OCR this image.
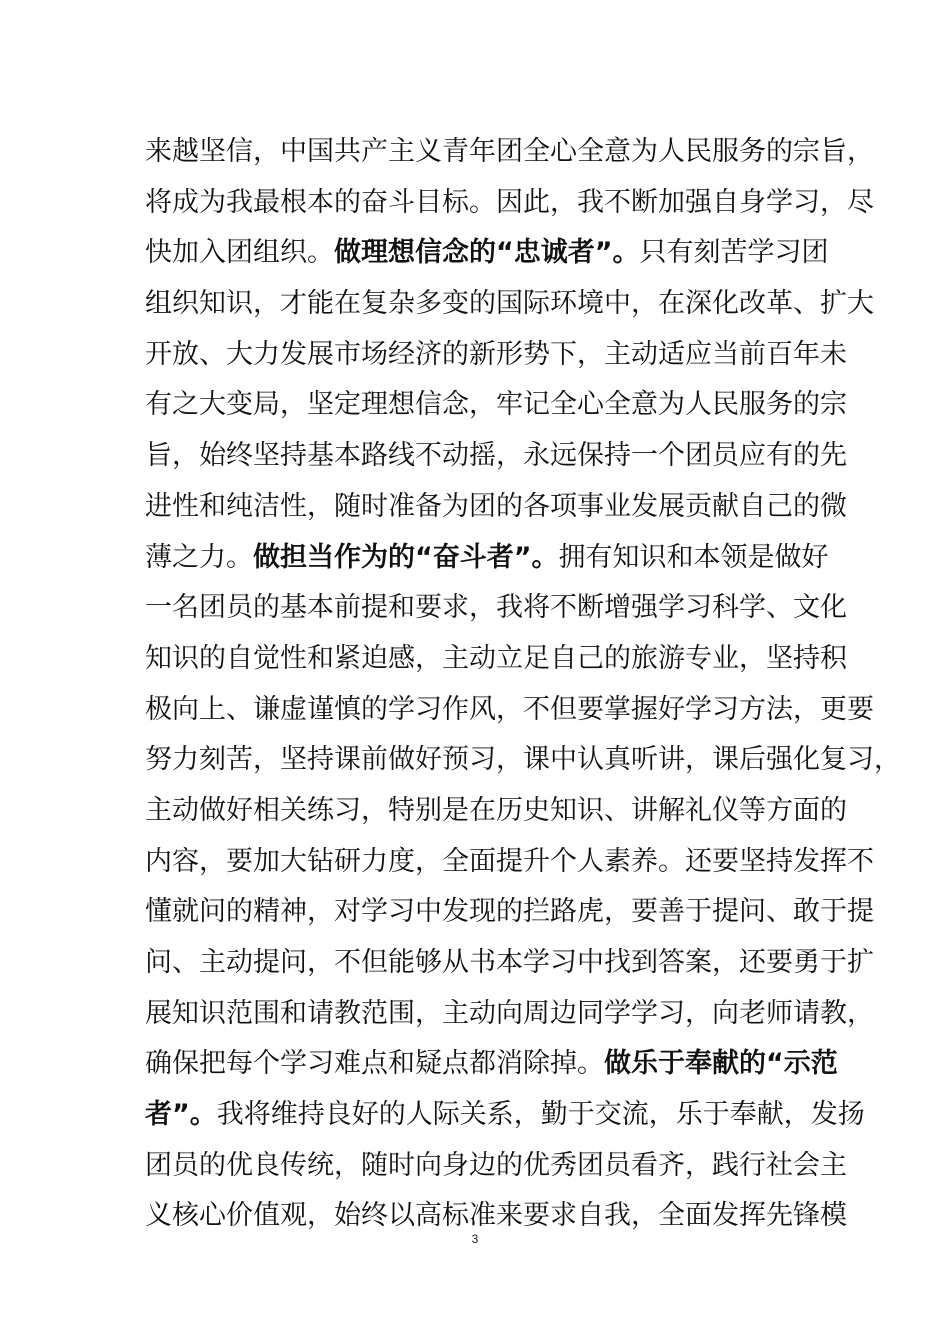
来越坚信，中国共产主义青年团全心全意为人民服务的宗旨，
将成为我最根本的奋斗目标。因此，我不断加强自身学习，尽
快加入团组织。做理想信念的“忠诚者”。只有刻苦学习团
组织知识，才能在复杂多变的国际环境中，在深化改革、扩大
开放、大力发展市场经济的新形势下，主动适应当前百年未
有之大变局，坚定理想信念，牢记全心全意为人民服务的宗
旨，始终坚持基本路线不动摇，永远保持一个团员应有的先
进性和纯洁性，随时准备为团的各项事业发展贡献自己的微
薄之力。做担当作为的“奋斗者”。拥有知识和本领是做好
一名团员的基本前提和要求，我将不断增强学习科学、文化
知识的自觉性和紧迫感，主动立足自己的旅游专业，坚持积
极向上、谦虚谨慎的学习作风，不但要掌握好学习方法，更要
努力刻苦，坚持课前做好预习，课中认真听讲，课后强化复习，
主动做好相关练习，特别是在历史知识、讲解礼仪等方面的
内容，要加大钻研力度，全面提升个人素养。还要坚持发挥不
懂就问的精神，对学习中发现的拦路虎，要善于提问、敢于提
问、主动提问，不但能够从书本学习中找到答案，还要勇于扩
展知识范围和请教范围，主动向周边同学学习，向老师请教，
确保把每个学习难点和疑点都消除掉。做乐于奉献的“示范
者”。我将维持良好的人际关系，勤于交流，乐于奉献，发扬
团员的优良传统，随时向身边的优秀团员看齐，践行社会主
义核心价值观，始终以高标准来要求自我，全面发挥先锋模
3
